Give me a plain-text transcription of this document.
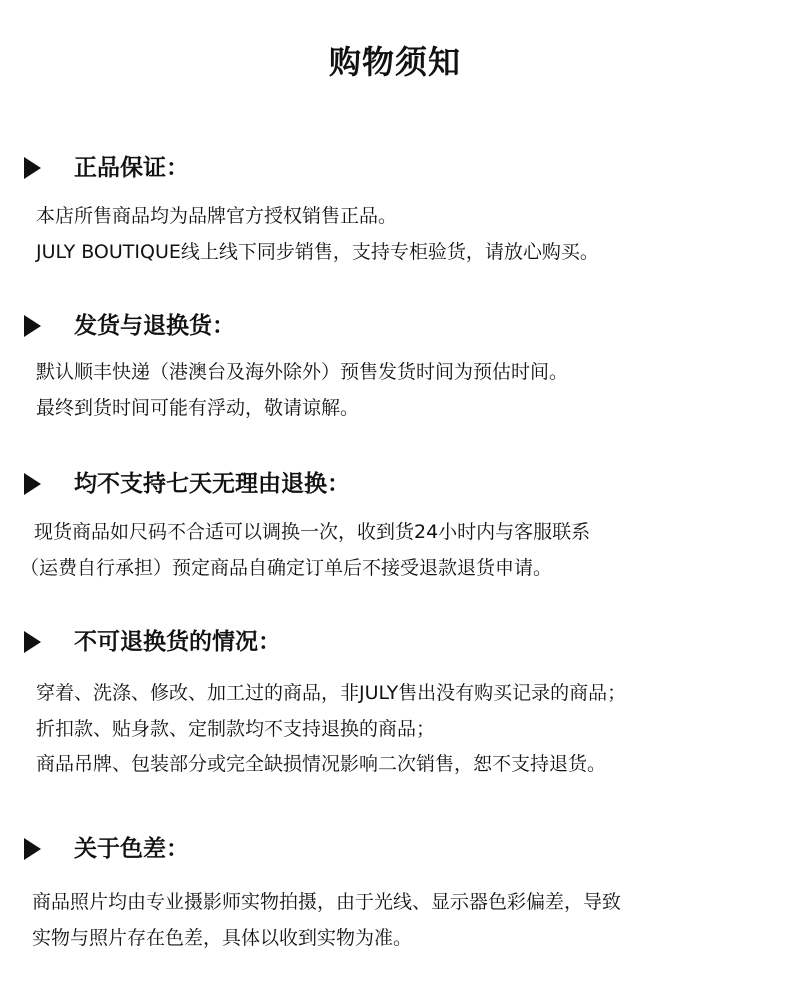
购物须知
正品保证：
本店所售商品均为品牌官方授权销售正品。
JULY BOUTIQUE线上线下同步销售，支持专柜验货，请放心购买。
发货与退换货：
默认顺丰快递（港澳台及海外除外）预售发货时间为预估时间。
最终到货时间可能有浮动，敬请谅解。
均不支持七天无理由退换：
现货商品如尺码不合适可以调换一次，收到货24小时内与客服联系
（运费自行承担）预定商品自确定订单后不接受退款退货申请。
不可退换货的情况：
穿着、洗涤、修改、加工过的商品，非JULY售出没有购买记录的商品；
折扣款、贴身款、定制款均不支持退换的商品；
商品吊牌、包装部分或完全缺损情况影响二次销售，恕不支持退货。
关于色差：
商品照片均由专业摄影师实物拍摄，由于光线、显示器色彩偏差，导致
实物与照片存在色差，具体以收到实物为准。
